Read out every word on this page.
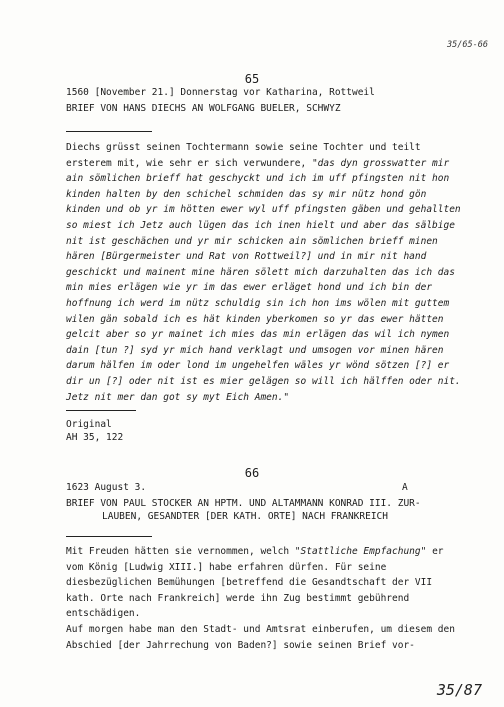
35/65-66
65
1560 [November 21.] Donnerstag vor Katharina, Rottweil
BRIEF VON HANS DIECHS AN WOLFGANG BUELER, SCHWYZ

Diechs grüsst seinen Tochtermann sowie seine Tochter und teilt ersterem mit, wie sehr er sich verwundere, "das dyn grosswatter mir ain sömlichen brieff hat geschyckt und ich im uff pfingsten nit hon kinden halten by den schichel schmiden das sy mir nütz hond gön kinden und ob yr im hötten ewer wyl uff pfingsten gäben und gehallten so miest ich Jetz auch lügen das ich inen hielt und aber das sälbige nit ist geschächen und yr mir schicken ain sömlichen brieff minen hären [Bürgermeister und Rat von Rottweil?] und in mir nit hand geschickt und mainent mine hären sölett mich darzuhalten das ich das min mies erlägen wie yr im das ewer erläget hond und ich bin der hoffnung ich werd im nütz schuldig sin ich hon ims wölen mit guttem wilen gän sobald ich es hät kinden yberkomen so yr das ewer hätten gelcit aber so yr mainet ich mies das min erlägen das wil ich nymen dain [tun ?] syd yr mich hand verklagt und umsogen vor minen hären darum hälfen im oder lond im ungehelfen wäles yr wönd sötzen [?] er dir un [?] oder nit ist es mier gelägen so will ich hälffen oder nit. Jetz nit mer dan got sy myt Eich Amen."

Original
AH 35, 122
66
1623 August 3.	A
BRIEF VON PAUL STOCKER AN HPTM. UND ALTAMMANN KONRAD III. ZUR-
LAUBEN, GESANDTER [DER KATH. ORTE] NACH FRANKREICH

Mit Freuden hätten sie vernommen, welch "Stattliche Empfachung" er vom König [Ludwig XIII.] habe erfahren dürfen. Für seine diesbezüglichen Bemühungen [betreffend die Gesandtschaft der VII kath. Orte nach Frankreich] werde ihn Zug bestimmt gebührend entschädigen.

Auf morgen habe man den Stadt- und Amtsrat einberufen, um diesem den Abschied [der Jahrrechung von Baden?] sowie seinen Brief vor-

35/87
